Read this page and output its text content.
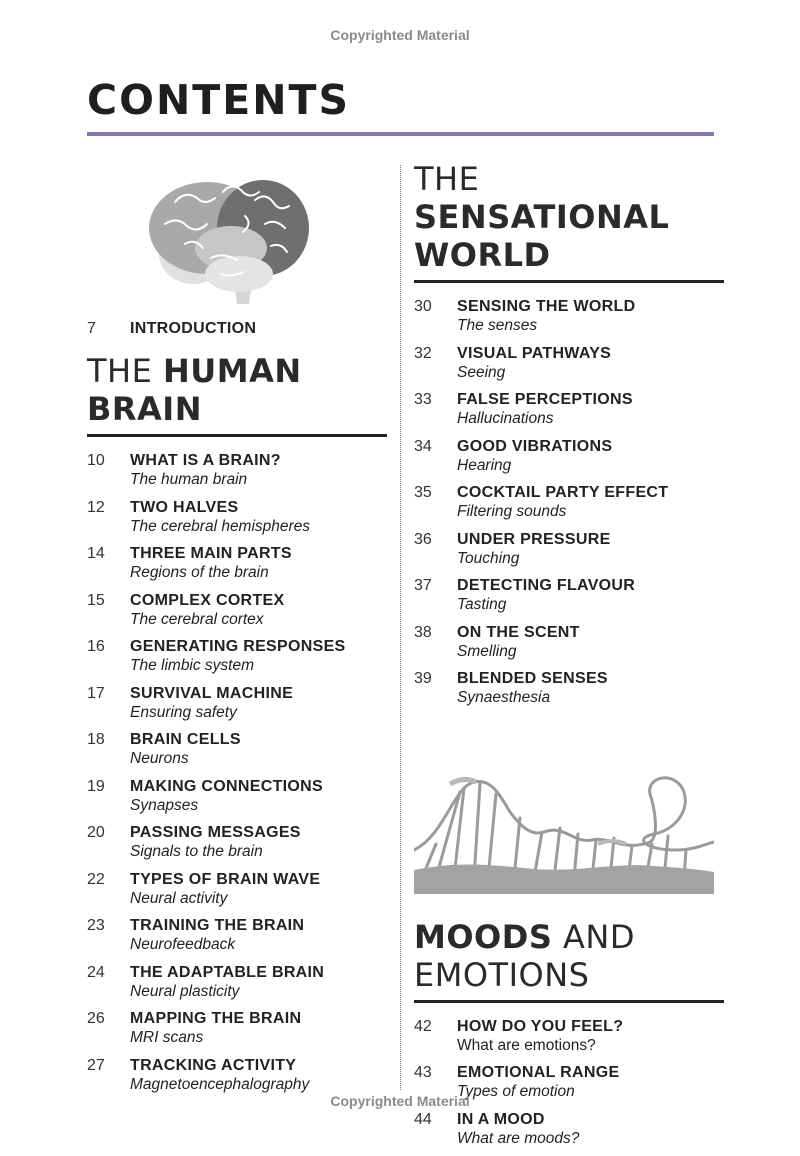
Copyrighted Material
CONTENTS
7	INTRODUCTION
THE HUMAN BRAIN
10	WHAT IS A BRAIN?
The human brain
12	TWO HALVES
The cerebral hemispheres
14	THREE MAIN PARTS
Regions of the brain
15	COMPLEX CORTEX
The cerebral cortex
16	GENERATING RESPONSES
The limbic system
17	SURVIVAL MACHINE
Ensuring safety
18	BRAIN CELLS
Neurons
19	MAKING CONNECTIONS
Synapses
20	PASSING MESSAGES
Signals to the brain
22	TYPES OF BRAIN WAVE
Neural activity
23	TRAINING THE BRAIN
Neurofeedback
24	THE ADAPTABLE BRAIN
Neural plasticity
26	MAPPING THE BRAIN
MRI scans
27	TRACKING ACTIVITY
Magnetoencephalography
THE SENSATIONAL WORLD
30	SENSING THE WORLD
The senses
32	VISUAL PATHWAYS
Seeing
33	FALSE PERCEPTIONS
Hallucinations
34	GOOD VIBRATIONS
Hearing
35	COCKTAIL PARTY EFFECT
Filtering sounds
36	UNDER PRESSURE
Touching
37	DETECTING FLAVOUR
Tasting
38	ON THE SCENT
Smelling
39	BLENDED SENSES
Synaesthesia
MOODS AND EMOTIONS
42	HOW DO YOU FEEL?
What are emotions?
43	EMOTIONAL RANGE
Types of emotion
44	IN A MOOD
What are moods?
Copyrighted Material
